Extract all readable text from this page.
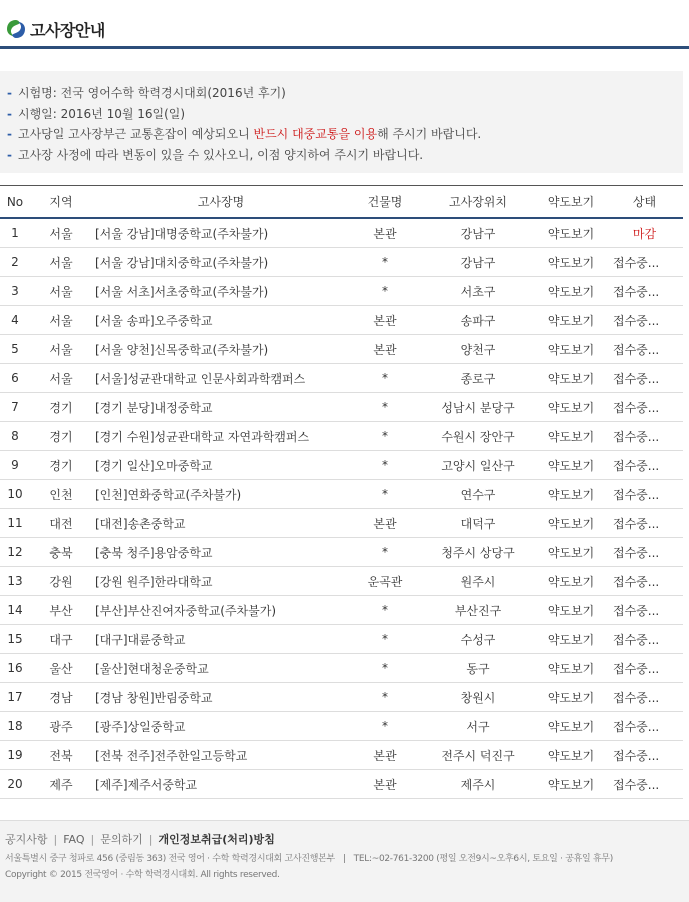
고사장안내
- 시험명: 전국 영어수학 학력경시대회(2016년 후기)
- 시행일: 2016년 10월 16일(일)
- 고사당일 고사장부근 교통혼잡이 예상되오니 반드시 대중교통을 이용해 주시기 바랍니다.
- 고사장 사정에 따라 변동이 있을 수 있사오니, 이점 양지하여 주시기 바랍니다.
No	지역	고사장명	건물명	고사장위치	약도보기	상태
1	서울	[서울 강남]대명중학교(주차불가)	본관	강남구	약도보기	마감
2	서울	[서울 강남]대치중학교(주차불가)	*	강남구	약도보기	접수중...
3	서울	[서울 서초]서초중학교(주차불가)	*	서초구	약도보기	접수중...
4	서울	[서울 송파]오주중학교	본관	송파구	약도보기	접수중...
5	서울	[서울 양천]신목중학교(주차불가)	본관	양천구	약도보기	접수중...
6	서울	[서울]성균관대학교 인문사회과학캠퍼스	*	종로구	약도보기	접수중...
7	경기	[경기 분당]내정중학교	*	성남시 분당구	약도보기	접수중...
8	경기	[경기 수원]성균관대학교 자연과학캠퍼스	*	수원시 장안구	약도보기	접수중...
9	경기	[경기 일산]오마중학교	*	고양시 일산구	약도보기	접수중...
10	인천	[인천]연화중학교(주차불가)	*	연수구	약도보기	접수중...
11	대전	[대전]송촌중학교	본관	대덕구	약도보기	접수중...
12	충북	[충북 청주]용암중학교	*	청주시 상당구	약도보기	접수중...
13	강원	[강원 원주]한라대학교	운곡관	원주시	약도보기	접수중...
14	부산	[부산]부산진여자중학교(주차불가)	*	부산진구	약도보기	접수중...
15	대구	[대구]대륜중학교	*	수성구	약도보기	접수중...
16	울산	[울산]현대청운중학교	*	동구	약도보기	접수중...
17	경남	[경남 창원]반림중학교	*	창원시	약도보기	접수중...
18	광주	[광주]상일중학교	*	서구	약도보기	접수중...
19	전북	[전북 전주]전주한일고등학교	본관	전주시 덕진구	약도보기	접수중...
20	제주	[제주]제주서중학교	본관	제주시	약도보기	접수중...
공지사항 | FAQ | 문의하기 | 개인정보취급(처리)방침
서울특별시 중구 청파로 456 (중림동 363) 전국 영어 · 수학 학력경시대회 고사진행본부 | TEL:~02-761-3200 (평일 오전9시~오후6시, 토요일 · 공휴일 휴무)
Copyright © 2015 전국영어 · 수학 학력경시대회. All rights reserved.
